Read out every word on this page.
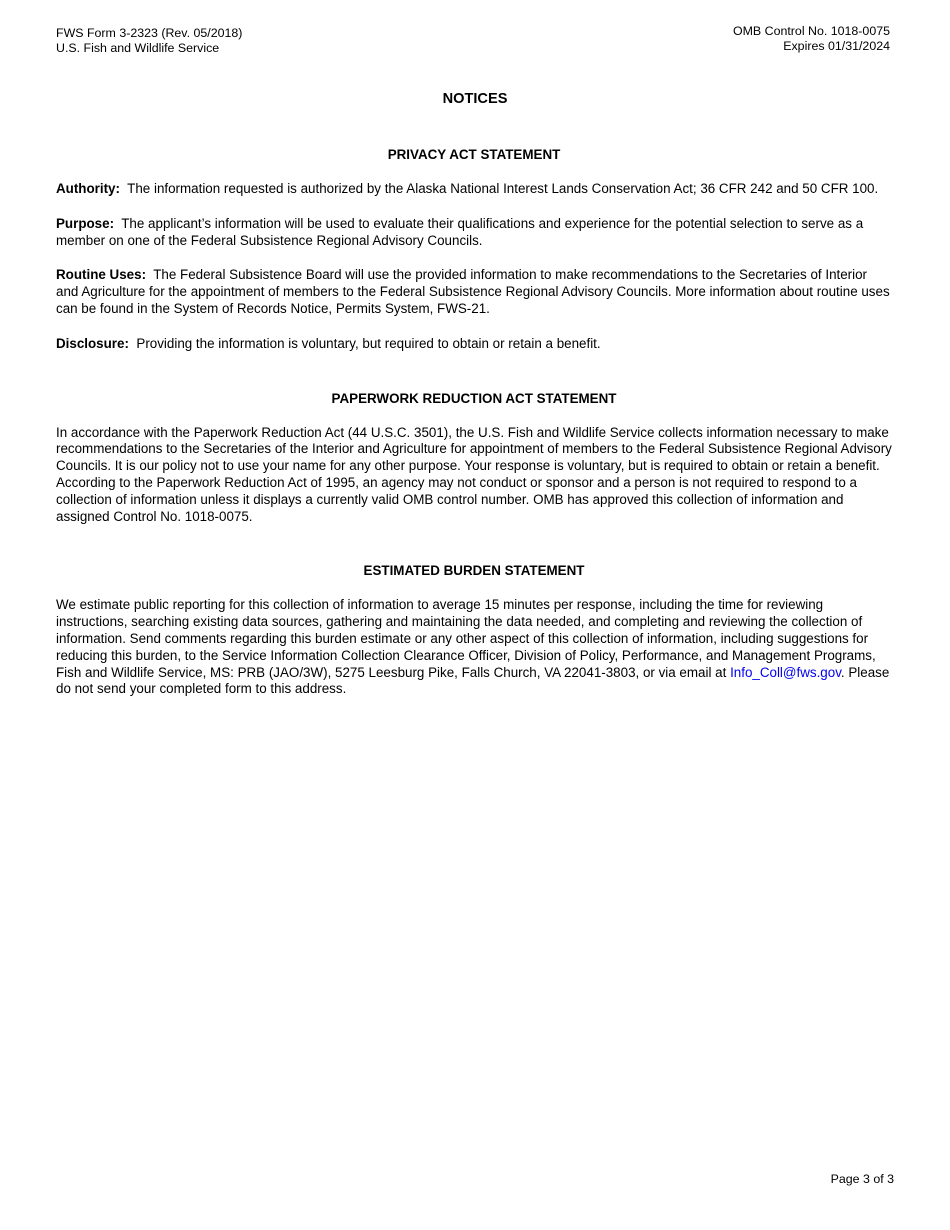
FWS Form 3-2323 (Rev. 05/2018)
U.S. Fish and Wildlife Service
OMB Control No. 1018-0075
Expires 01/31/2024
NOTICES
PRIVACY ACT STATEMENT

Authority: The information requested is authorized by the Alaska National Interest Lands Conservation Act; 36 CFR 242 and 50 CFR 100.

Purpose: The applicant’s information will be used to evaluate their qualifications and experience for the potential selection to serve as a member on one of the Federal Subsistence Regional Advisory Councils.

Routine Uses: The Federal Subsistence Board will use the provided information to make recommendations to the Secretaries of Interior and Agriculture for the appointment of members to the Federal Subsistence Regional Advisory Councils. More information about routine uses can be found in the System of Records Notice, Permits System, FWS-21.

Disclosure: Providing the information is voluntary, but required to obtain or retain a benefit.

PAPERWORK REDUCTION ACT STATEMENT

In accordance with the Paperwork Reduction Act (44 U.S.C. 3501), the U.S. Fish and Wildlife Service collects information necessary to make recommendations to the Secretaries of the Interior and Agriculture for appointment of members to the Federal Subsistence Regional Advisory Councils. It is our policy not to use your name for any other purpose. Your response is voluntary, but is required to obtain or retain a benefit. According to the Paperwork Reduction Act of 1995, an agency may not conduct or sponsor and a person is not required to respond to a collection of information unless it displays a currently valid OMB control number. OMB has approved this collection of information and assigned Control No. 1018-0075.

ESTIMATED BURDEN STATEMENT

We estimate public reporting for this collection of information to average 15 minutes per response, including the time for reviewing instructions, searching existing data sources, gathering and maintaining the data needed, and completing and reviewing the collection of information. Send comments regarding this burden estimate or any other aspect of this collection of information, including suggestions for reducing this burden, to the Service Information Collection Clearance Officer, Division of Policy, Performance, and Management Programs, Fish and Wildlife Service, MS: PRB (JAO/3W), 5275 Leesburg Pike, Falls Church, VA 22041-3803, or via email at Info_Coll@fws.gov. Please do not send your completed form to this address.

Page 3 of 3
